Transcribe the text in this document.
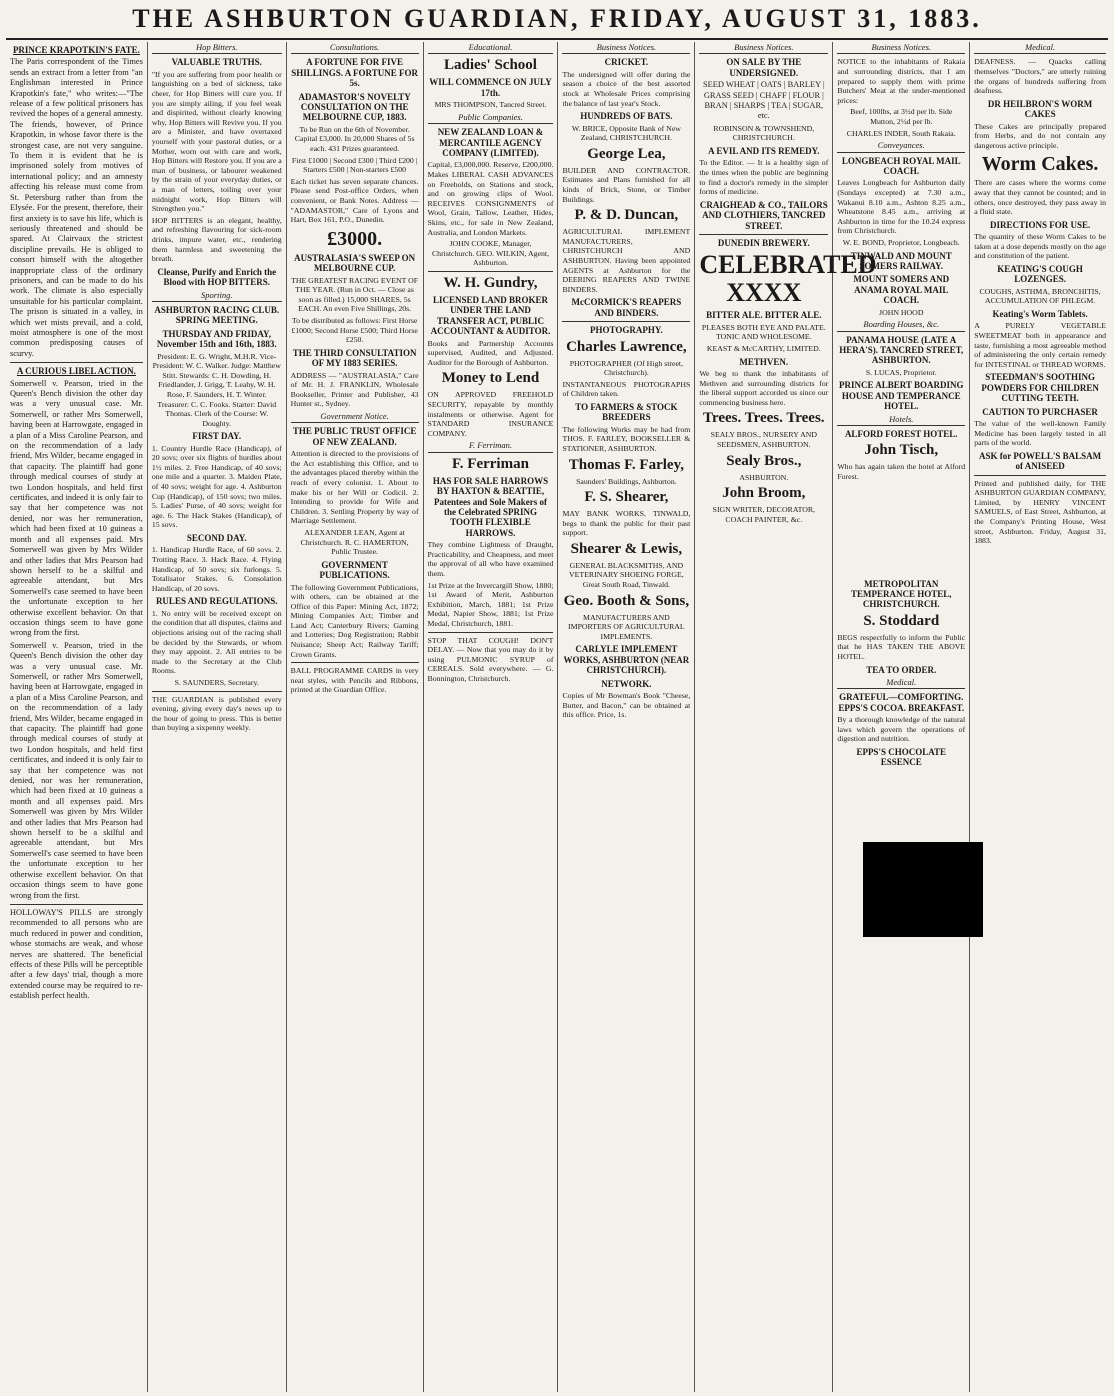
THE ASHBURTON GUARDIAN, FRIDAY, AUGUST 31, 1883.
PRINCE KRAPOTKIN'S FATE.
The Paris correspondent of the Times sends an extract from a letter from "an Englishman interested in Prince Krapotkin's fate," who writes:—"The release of a few political prisoners has revived the hopes of a general amnesty. The friends, however, of Prince Krapotkin, in whose favor there is the strongest case, are not very sanguine. To them it is evident that he is imprisoned solely from motives of international policy; and an amnesty affecting his release must come from St. Petersburg rather than from the Elysée. For the present, therefore, their first anxiety is to save his life, which is seriously threatened and should be spared. At Clairvaux the strictest discipline prevails. He is obliged to consort himself with the altogether inappropriate class of the ordinary prisoners, and can be made to do his work. The climate is also especially unsuitable for his particular complaint. The prison is situated in a valley, in which wet mists prevail, and a cold, moist atmosphere is one of the most common predisposing causes of scurvy.
A CURIOUS LIBEL ACTION.
Somerwell v. Pearson, tried in the Queen's Bench division the other day was a very unusual case. Mr. Somerwell, or rather Mrs Somerwell, having been at Harrowgate, engaged in a plan of a Miss Caroline Pearson, and on the recommendation of a lady friend, Mrs Wilder, became engaged in that capacity. The plaintiff had gone through medical courses of study at two London hospitals, and held first certificates, and indeed it is only fair to say that her competence was not denied, nor was her remuneration, which had been fixed at 10 guineas a month and all expenses paid. Mrs Somerwell was given by Mrs Wilder and other ladies that Mrs Pearson had shown herself to be a skilful and agreeable attendant, but Mrs Somerwell's case seemed to have been the unfortunate exception to her otherwise excellent behavior. On that occasion things seem to have gone wrong from the first.
Somerwell v. Pearson, tried in the Queen's Bench division the other day was a very unusual case. Mr. Somerwell, or rather Mrs Somerwell, having been at Harrowgate, engaged in a plan of a Miss Caroline Pearson, and on the recommendation of a lady friend, Mrs Wilder, became engaged in that capacity. The plaintiff had gone through medical courses of study at two London hospitals, and held first certificates, and indeed it is only fair to say that her competence was not denied, nor was her remuneration, which had been fixed at 10 guineas a month and all expenses paid. Mrs Somerwell was given by Mrs Wilder and other ladies that Mrs Pearson had shown herself to be a skilful and agreeable attendant, but Mrs Somerwell's case seemed to have been the unfortunate exception to her otherwise excellent behavior. On that occasion things seem to have gone wrong from the first.
HOLLOWAY'S PILLS are strongly recommended to all persons who are much reduced in power and condition, whose stomachs are weak, and whose nerves are shattered. The beneficial effects of these Pills will be perceptible after a few days' trial, though a more extended course may be required to re-establish perfect health.
Hop Bitters.
VALUABLE TRUTHS.
"If you are suffering from poor health or languishing on a bed of sickness, take cheer, for Hop Bitters will cure you. If you are simply ailing, if you feel weak and dispirited, without clearly knowing why, Hop Bitters will Revive you. If you are a Minister, and have overtaxed yourself with your pastoral duties, or a Mother, worn out with care and work, Hop Bitters will Restore you. If you are a man of business, or labourer weakened by the strain of your everyday duties, or a man of letters, toiling over your midnight work, Hop Bitters will Strengthen you."
HOP BITTERS is an elegant, healthy, and refreshing flavouring for sick-room drinks, impure water, etc., rendering them harmless and sweetening the breath.
Cleanse, Purify and Enrich the Blood with HOP BITTERS.
Sporting.
ASHBURTON RACING CLUB. SPRING MEETING.
THURSDAY AND FRIDAY, November 15th and 16th, 1883.
President: E. G. Wright, M.H.R. Vice-President: W. C. Walker. Judge: Matthew Stitt. Stewards: C. H. Dowding, H. Friedlander, J. Grigg, T. Leahy, W. H. Rose, F. Saunders, H. T. Winter. Treasurer: C. C. Fooks. Starter: David Thomas. Clerk of the Course: W. Doughty.
FIRST DAY.
1. Country Hurdle Race (Handicap), of 20 sovs; over six flights of hurdles about 1½ miles. 2. Free Handicap, of 40 sovs; one mile and a quarter. 3. Maiden Plate, of 40 sovs; weight for age. 4. Ashburton Cup (Handicap), of 150 sovs; two miles. 5. Ladies' Purse, of 40 sovs; weight for age. 6. The Hack Stakes (Handicap), of 15 sovs.
SECOND DAY.
1. Handicap Hurdle Race, of 60 sovs. 2. Trotting Race. 3. Hack Race. 4. Flying Handicap, of 50 sovs; six furlongs. 5. Totalisator Stakes. 6. Consolation Handicap, of 20 sovs.
RULES AND REGULATIONS.
1. No entry will be received except on the condition that all disputes, claims and objections arising out of the racing shall be decided by the Stewards, or whom they may appoint. 2. All entries to be made to the Secretary at the Club Rooms.
S. SAUNDERS, Secretary.
THE GUARDIAN is published every evening, giving every day's news up to the hour of going to press. This is better than buying a sixpenny weekly.
Consultations.
A FORTUNE FOR FIVE SHILLINGS. A FORTUNE FOR 5s.
ADAMASTOR'S NOVELTY CONSULTATION ON THE MELBOURNE CUP, 1883.
To be Run on the 6th of November. Capital £3,000. In 20,000 Shares of 5s each. 431 Prizes guaranteed.
First £1000 | Second £300 | Third £200 | Starters £500 | Non-starters £500
Each ticket has seven separate chances. Please send Post-office Orders, when convenient, or Bank Notes. Address — "ADAMASTOR," Care of Lyons and Hart, Box 161, P.O., Dunedin.
£3000.
AUSTRALASIA'S SWEEP ON MELBOURNE CUP.
THE GREATEST RACING EVENT OF THE YEAR. (Run in Oct. — Close as soon as filled.) 15,000 SHARES, 5s EACH. An even Five Shillings, 20s.
To be distributed as follows: First Horse £1000; Second Horse £500; Third Horse £250.
THE THIRD CONSULTATION OF MY 1883 SERIES.
ADDRESS — "AUSTRALASIA," Care of Mr. H. J. FRANKLIN, Wholesale Bookseller, Printer and Publisher, 43 Hunter st., Sydney.
Government Notice.
THE PUBLIC TRUST OFFICE OF NEW ZEALAND.
Attention is directed to the provisions of the Act establishing this Office, and to the advantages placed thereby within the reach of every colonist. 1. About to make his or her Will or Codicil. 2. Intending to provide for Wife and Children. 3. Settling Property by way of Marriage Settlement.
ALEXANDER LEAN, Agent at Christchurch. R. C. HAMERTON, Public Trustee.
GOVERNMENT PUBLICATIONS.
The following Government Publications, with others, can be obtained at the Office of this Paper: Mining Act, 1872; Mining Companies Act; Timber and Land Act; Canterbury Rivers; Gaming and Lotteries; Dog Registration; Rabbit Nuisance; Sheep Act; Railway Tariff; Crown Grants.
BALL PROGRAMME CARDS in very neat styles, with Pencils and Ribbons, printed at the Guardian Office.
Educational.
Ladies' School
WILL COMMENCE ON JULY 17th.
MRS THOMPSON, Tancred Street.
Public Companies.
NEW ZEALAND LOAN & MERCANTILE AGENCY COMPANY (LIMITED).
Capital, £3,000,000. Reserve, £200,000. Makes LIBERAL CASH ADVANCES on Freeholds, on Stations and stock, and on growing clips of Wool. RECEIVES CONSIGNMENTS of Wool, Grain, Tallow, Leather, Hides, Skins, etc., for sale in New Zealand, Australia, and London Markets.
JOHN COOKE, Manager, Christchurch. GEO. WILKIN, Agent, Ashburton.
W. H. Gundry,
LICENSED LAND BROKER UNDER THE LAND TRANSFER ACT, PUBLIC ACCOUNTANT & AUDITOR.
Books and Partnership Accounts supervised, Audited, and Adjusted. Auditor for the Borough of Ashburton.
Money to Lend
ON APPROVED FREEHOLD SECURITY, repayable by monthly instalments or otherwise. Agent for STANDARD INSURANCE COMPANY.
F. Ferriman.
F. Ferriman
HAS FOR SALE HARROWS BY HAXTON & BEATTIE, Patentees and Sole Makers of the Celebrated SPRING TOOTH FLEXIBLE HARROWS.
They combine Lightness of Draught, Practicability, and Cheapness, and meet the approval of all who have examined them.
1st Prize at the Invercargill Show, 1880; 1st Award of Merit, Ashburton Exhibition, March, 1881; 1st Prize Medal, Napier Show, 1881; 1st Prize Medal, Christchurch, 1881.
STOP THAT COUGH! DON'T DELAY. — Now that you may do it by using PULMONIC SYRUP of CEREALS. Sold everywhere. — G. Bonnington, Christchurch.
Business Notices.
CRICKET.
The undersigned will offer during the season a choice of the best assorted stock at Wholesale Prices comprising the balance of last year's Stock.
HUNDREDS OF BATS.
W. BRICE, Opposite Bank of New Zealand, CHRISTCHURCH.
George Lea,
BUILDER AND CONTRACTOR. Estimates and Plans furnished for all kinds of Brick, Stone, or Timber Buildings.
P. & D. Duncan,
AGRICULTURAL IMPLEMENT MANUFACTURERS, CHRISTCHURCH AND ASHBURTON. Having been appointed AGENTS at Ashburton for the DEERING REAPERS AND TWINE BINDERS.
McCORMICK'S REAPERS AND BINDERS.
PHOTOGRAPHY.
Charles Lawrence,
PHOTOGRAPHER (Of High street, Christchurch).
INSTANTANEOUS PHOTOGRAPHS of Children taken.
TO FARMERS & STOCK BREEDERS
The following Works may be had from THOS. F. FARLEY, BOOKSELLER & STATIONER, ASHBURTON.
Thomas F. Farley,
Saunders' Buildings, Ashburton.
F. S. Shearer,
MAY BANK WORKS, TINWALD, begs to thank the public for their past support.
Shearer & Lewis,
GENERAL BLACKSMITHS, AND VETERINARY SHOEING FORGE, Great South Road, Tinwald.
Geo. Booth & Sons,
MANUFACTURERS AND IMPORTERS OF AGRICULTURAL IMPLEMENTS.
CARLYLE IMPLEMENT WORKS, ASHBURTON (NEAR CHRISTCHURCH).
NETWORK.
Copies of Mr Bowman's Book "Cheese, Butter, and Bacon," can be obtained at this office. Price, 1s.
Business Notices.
ON SALE BY THE UNDERSIGNED.
SEED WHEAT | OATS | BARLEY | GRASS SEED | CHAFF | FLOUR | BRAN | SHARPS | TEA | SUGAR, etc.
ROBINSON & TOWNSHEND, CHRISTCHURCH.
A EVIL AND ITS REMEDY.
To the Editor. — It is a healthy sign of the times when the public are beginning to find a doctor's remedy in the simpler forms of medicine.
CRAIGHEAD & CO., TAILORS AND CLOTHIERS, TANCRED STREET.
DUNEDIN BREWERY.
CELEBRATED XXXX
BITTER ALE. BITTER ALE.
PLEASES BOTH EYE AND PALATE. TONIC AND WHOLESOME.
KEAST & McCARTHY, LIMITED.
METHVEN.
We beg to thank the inhabitants of Methven and surrounding districts for the liberal support accorded us since our commencing business here.
Trees. Trees. Trees.
SEALY BROS., NURSERY AND SEEDSMEN, ASHBURTON.
Sealy Bros.,
ASHBURTON.
John Broom,
SIGN WRITER, DECORATOR, COACH PAINTER, &c.
Business Notices.
NOTICE to the inhabitants of Rakaia and surrounding districts, that I am prepared to supply them with prime Butchers' Meat at the under-mentioned prices:
Beef, 100lbs, at 3½d per lb. Side Mutton, 2½d per lb.
CHARLES INDER, South Rakaia.
Conveyances.
LONGBEACH ROYAL MAIL COACH.
Leaves Longbeach for Ashburton daily (Sundays excepted) at 7.30 a.m., Wakanui 8.10 a.m., Ashton 8.25 a.m., Wheatstone 8.45 a.m., arriving at Ashburton in time for the 10.24 express from Christchurch.
W. E. BOND, Proprietor, Longbeach.
TINWALD AND MOUNT SOMERS RAILWAY.
MOUNT SOMERS AND ANAMA ROYAL MAIL COACH.
JOHN HOOD
Boarding Houses, &c.
PANAMA HOUSE (LATE A HERA'S). TANCRED STREET, ASHBURTON.
S. LUCAS, Proprietor.
PRINCE ALBERT BOARDING HOUSE AND TEMPERANCE HOTEL.
Hotels.
ALFORD FOREST HOTEL.
John Tisch,
Who has again taken the hotel at Alford Forest.
METROPOLITAN TEMPERANCE HOTEL, CHRISTCHURCH.
S. Stoddard
BEGS respectfully to inform the Public that he HAS TAKEN THE ABOVE HOTEL.
TEA TO ORDER.
Medical.
GRATEFUL—COMFORTING. EPPS'S COCOA. BREAKFAST.
By a thorough knowledge of the natural laws which govern the operations of digestion and nutrition.
EPPS'S CHOCOLATE ESSENCE
Medical.
DEAFNESS. — Quacks calling themselves "Doctors," are utterly ruining the organs of hundreds suffering from deafness.
DR HEILBRON'S WORM CAKES
These Cakes are principally prepared from Herbs, and do not contain any dangerous active principle.
Worm Cakes.
There are cases where the worms come away that they cannot be counted; and in others, once destroyed, they pass away in a fluid state.
DIRECTIONS FOR USE.
The quantity of these Worm Cakes to be taken at a dose depends mostly on the age and constitution of the patient.
KEATING'S COUGH LOZENGES.
COUGHS, ASTHMA, BRONCHITIS, ACCUMULATION OF PHLEGM.
Keating's Worm Tablets.
A PURELY VEGETABLE SWEETMEAT both in appearance and taste, furnishing a most agreeable method of administering the only certain remedy for INTESTINAL or THREAD WORMS.
STEEDMAN'S SOOTHING POWDERS FOR CHILDREN CUTTING TEETH.
CAUTION TO PURCHASER
The value of the well-known Family Medicine has been largely tested in all parts of the world.
ASK for POWELL'S BALSAM of ANISEED
Printed and published daily, for THE ASHBURTON GUARDIAN COMPANY, Limited, by HENRY VINCENT SAMUELS, of East Street, Ashburton, at the Company's Printing House, West street, Ashburton. Friday, August 31, 1883.
